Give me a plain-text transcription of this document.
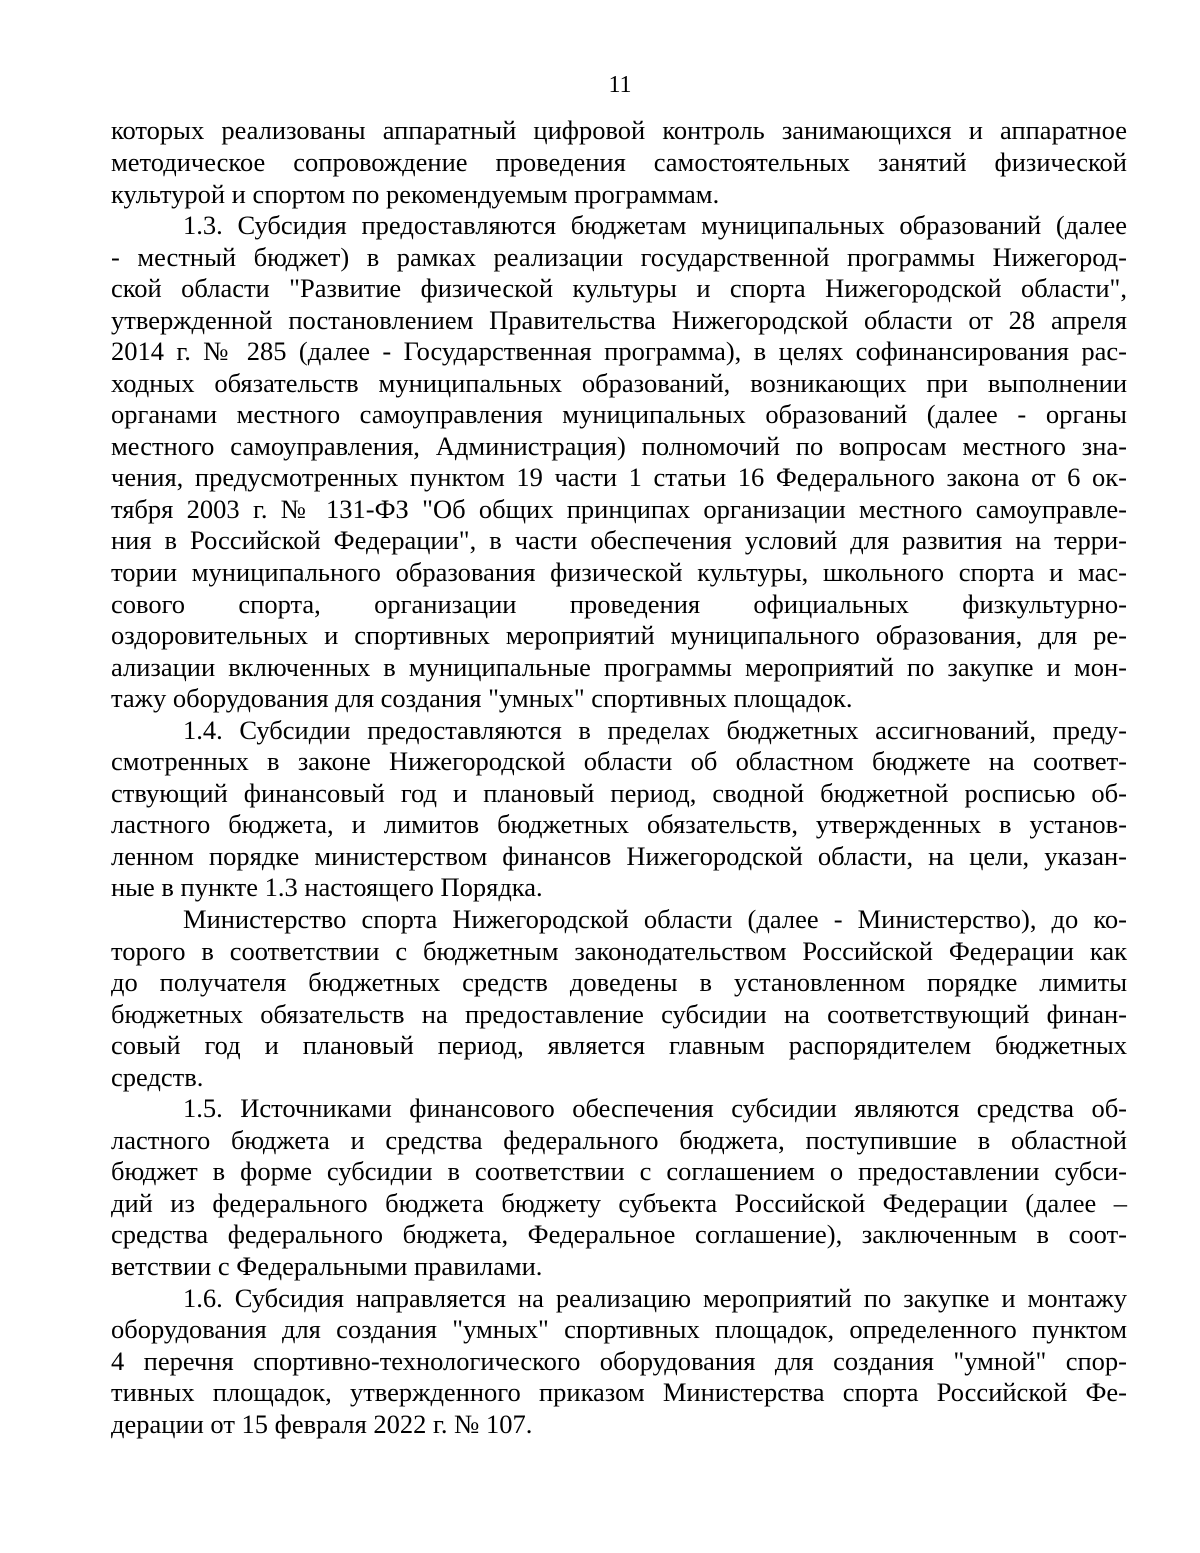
11
которых реализованы аппаратный цифровой контроль занимающихся и аппаратное
методическое сопровождение проведения самостоятельных занятий физической
культурой и спортом по рекомендуемым программам.
1.3. Субсидия предоставляются бюджетам муниципальных образований (далее
- местный бюджет) в рамках реализации государственной программы Нижегород-
ской области "Развитие физической культуры и спорта Нижегородской области",
утвержденной постановлением Правительства Нижегородской области от 28 апреля
2014 г. № 285 (далее - Государственная программа), в целях софинансирования рас-
ходных обязательств муниципальных образований, возникающих при выполнении
органами местного самоуправления муниципальных образований (далее - органы
местного самоуправления, Администрация) полномочий по вопросам местного зна-
чения, предусмотренных пунктом 19 части 1 статьи 16 Федерального закона от 6 ок-
тября 2003 г. № 131-ФЗ "Об общих принципах организации местного самоуправле-
ния в Российской Федерации", в части обеспечения условий для развития на терри-
тории муниципального образования физической культуры, школьного спорта и мас-
сового спорта, организации проведения официальных физкультурно-
оздоровительных и спортивных мероприятий муниципального образования, для ре-
ализации включенных в муниципальные программы мероприятий по закупке и мон-
тажу оборудования для создания "умных" спортивных площадок.
1.4. Субсидии предоставляются в пределах бюджетных ассигнований, преду-
смотренных в законе Нижегородской области об областном бюджете на соответ-
ствующий финансовый год и плановый период, сводной бюджетной росписью об-
ластного бюджета, и лимитов бюджетных обязательств, утвержденных в установ-
ленном порядке министерством финансов Нижегородской области, на цели, указан-
ные в пункте 1.3 настоящего Порядка.
Министерство спорта Нижегородской области (далее - Министерство), до ко-
торого в соответствии с бюджетным законодательством Российской Федерации как
до получателя бюджетных средств доведены в установленном порядке лимиты
бюджетных обязательств на предоставление субсидии на соответствующий финан-
совый год и плановый период, является главным распорядителем бюджетных
средств.
1.5. Источниками финансового обеспечения субсидии являются средства об-
ластного бюджета и средства федерального бюджета, поступившие в областной
бюджет в форме субсидии в соответствии с соглашением о предоставлении субси-
дий из федерального бюджета бюджету субъекта Российской Федерации (далее –
средства федерального бюджета, Федеральное соглашение), заключенным в соот-
ветствии с Федеральными правилами.
1.6. Субсидия направляется на реализацию мероприятий по закупке и монтажу
оборудования для создания "умных" спортивных площадок, определенного пунктом
4 перечня спортивно-технологического оборудования для создания "умной" спор-
тивных площадок, утвержденного приказом Министерства спорта Российской Фе-
дерации от 15 февраля 2022 г. № 107.
